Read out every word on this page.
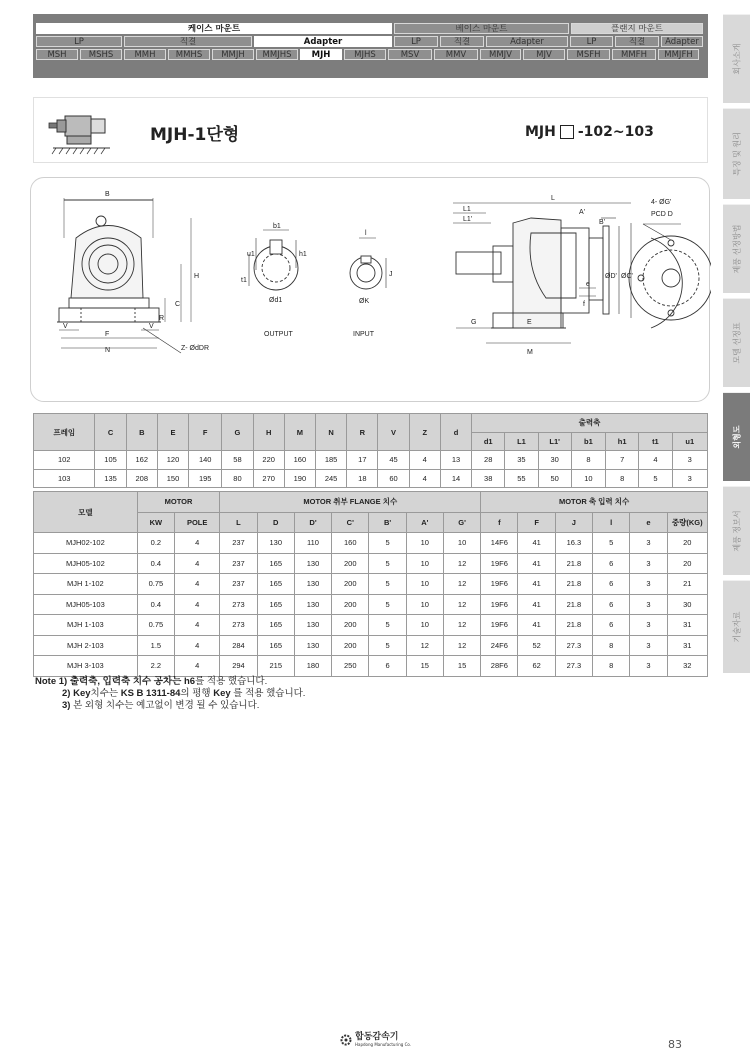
케이스 마운트	베이스 마운트	플랜지 마운트
LP	직결	Adapter	LP	직결	Adapter	LP	직결	Adapter
MSH	MSHS	MMH	MMHS	MMJH	MMJHS	MJH	MJHS	MSV	MMV	MMJV	MJV	MSFH	MMFH	MMJFH	회사소개
특징 및 원리
제품 선정방법
모델 선정표
외형도
제품 정보서
기술자료
MJH-1단형	MJH -102~103
B
H
C
R
F
N
V	V
Z- ØdDR
b1
u1	h1
t1
Ød1
OUTPUT
l
J
ØK
INPUT
L
L1
L1'
A'
B'
e
f
ØD' ØC'
G	E
M
4- ØG'
PCD D
프레임	C	B	E	F	G	H	M	N	R	V	Z	d	출력축						
													d1	L1	L1'	b1	h1	t1	u1
102	105	162	120	140	58	220	160	185	17	45	4	13	28	35	30	8	7	4	3
103	135	208	150	195	80	270	190	245	18	60	4	14	38	55	50	10	8	5	3
모델	MOTOR		MOTOR 취부 FLANGE 치수							MOTOR 축 입력 치수					
	KW	POLE	L	D	D'	C'	B'	A'	G'	f	F	J	l	e	중량(KG)
MJH02-102	0.2	4	237	130	110	160	5	10	10	14F6	41	16.3	5	3	20
MJH05-102	0.4	4	237	165	130	200	5	10	12	19F6	41	21.8	6	3	20
MJH 1-102	0.75	4	237	165	130	200	5	10	12	19F6	41	21.8	6	3	21
MJH05-103	0.4	4	273	165	130	200	5	10	12	19F6	41	21.8	6	3	30
MJH 1-103	0.75	4	273	165	130	200	5	10	12	19F6	41	21.8	6	3	31
MJH 2-103	1.5	4	284	165	130	200	5	12	12	24F6	52	27.3	8	3	31
MJH 3-103	2.2	4	294	215	180	250	6	15	15	28F6	62	27.3	8	3	32
Note 1) 출력축, 입력축 치수 공차는 h6를 적용 했습니다.
2) Key치수는 KS B 1311-84의 평행 Key 를 적용 했습니다.
3) 본 외형 치수는 예고없이 변경 될 수 있습니다.
합동감속기
Hapdong Manufacturing Co.	83
